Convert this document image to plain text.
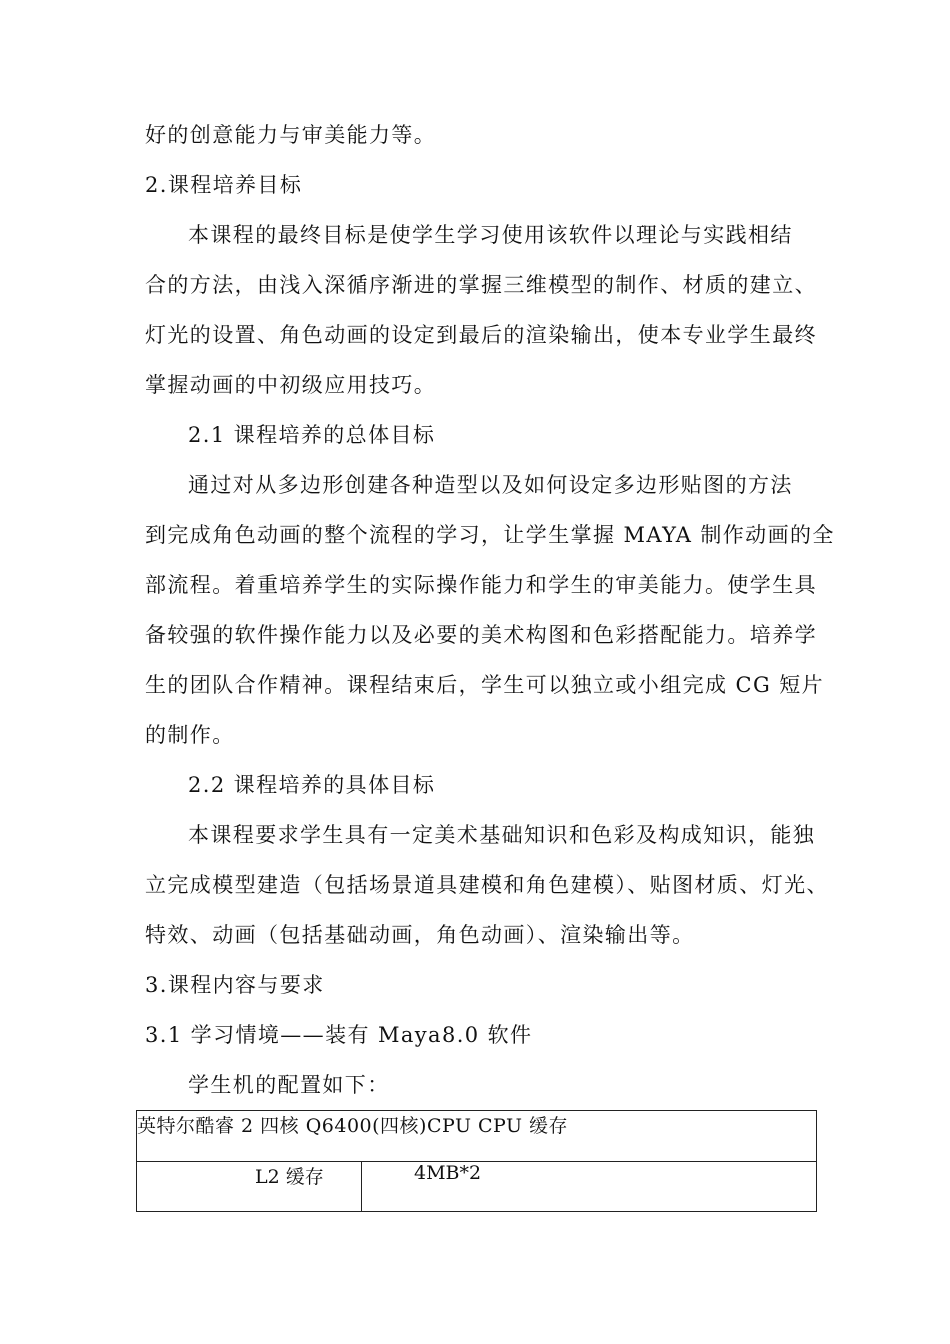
好的创意能力与审美能力等。
2.课程培养目标
本课程的最终目标是使学生学习使用该软件以理论与实践相结
合的方法，由浅入深循序渐进的掌握三维模型的制作、材质的建立、
灯光的设置、角色动画的设定到最后的渲染输出，使本专业学生最终
掌握动画的中初级应用技巧。
2.1 课程培养的总体目标
通过对从多边形创建各种造型以及如何设定多边形贴图的方法
到完成角色动画的整个流程的学习，让学生掌握 MAYA 制作动画的全
部流程。着重培养学生的实际操作能力和学生的审美能力。使学生具
备较强的软件操作能力以及必要的美术构图和色彩搭配能力。培养学
生的团队合作精神。课程结束后，学生可以独立或小组完成 CG 短片
的制作。
2.2 课程培养的具体目标
本课程要求学生具有一定美术基础知识和色彩及构成知识，能独
立完成模型建造（包括场景道具建模和角色建模）、贴图材质、灯光、
特效、动画（包括基础动画，角色动画）、渲染输出等。
3.课程内容与要求
3.1 学习情境——装有 Maya8.0 软件
学生机的配置如下：
英特尔酷睿 2 四核 Q6400(四核)CPU CPU 缓存
L2 缓存	4MB*2
